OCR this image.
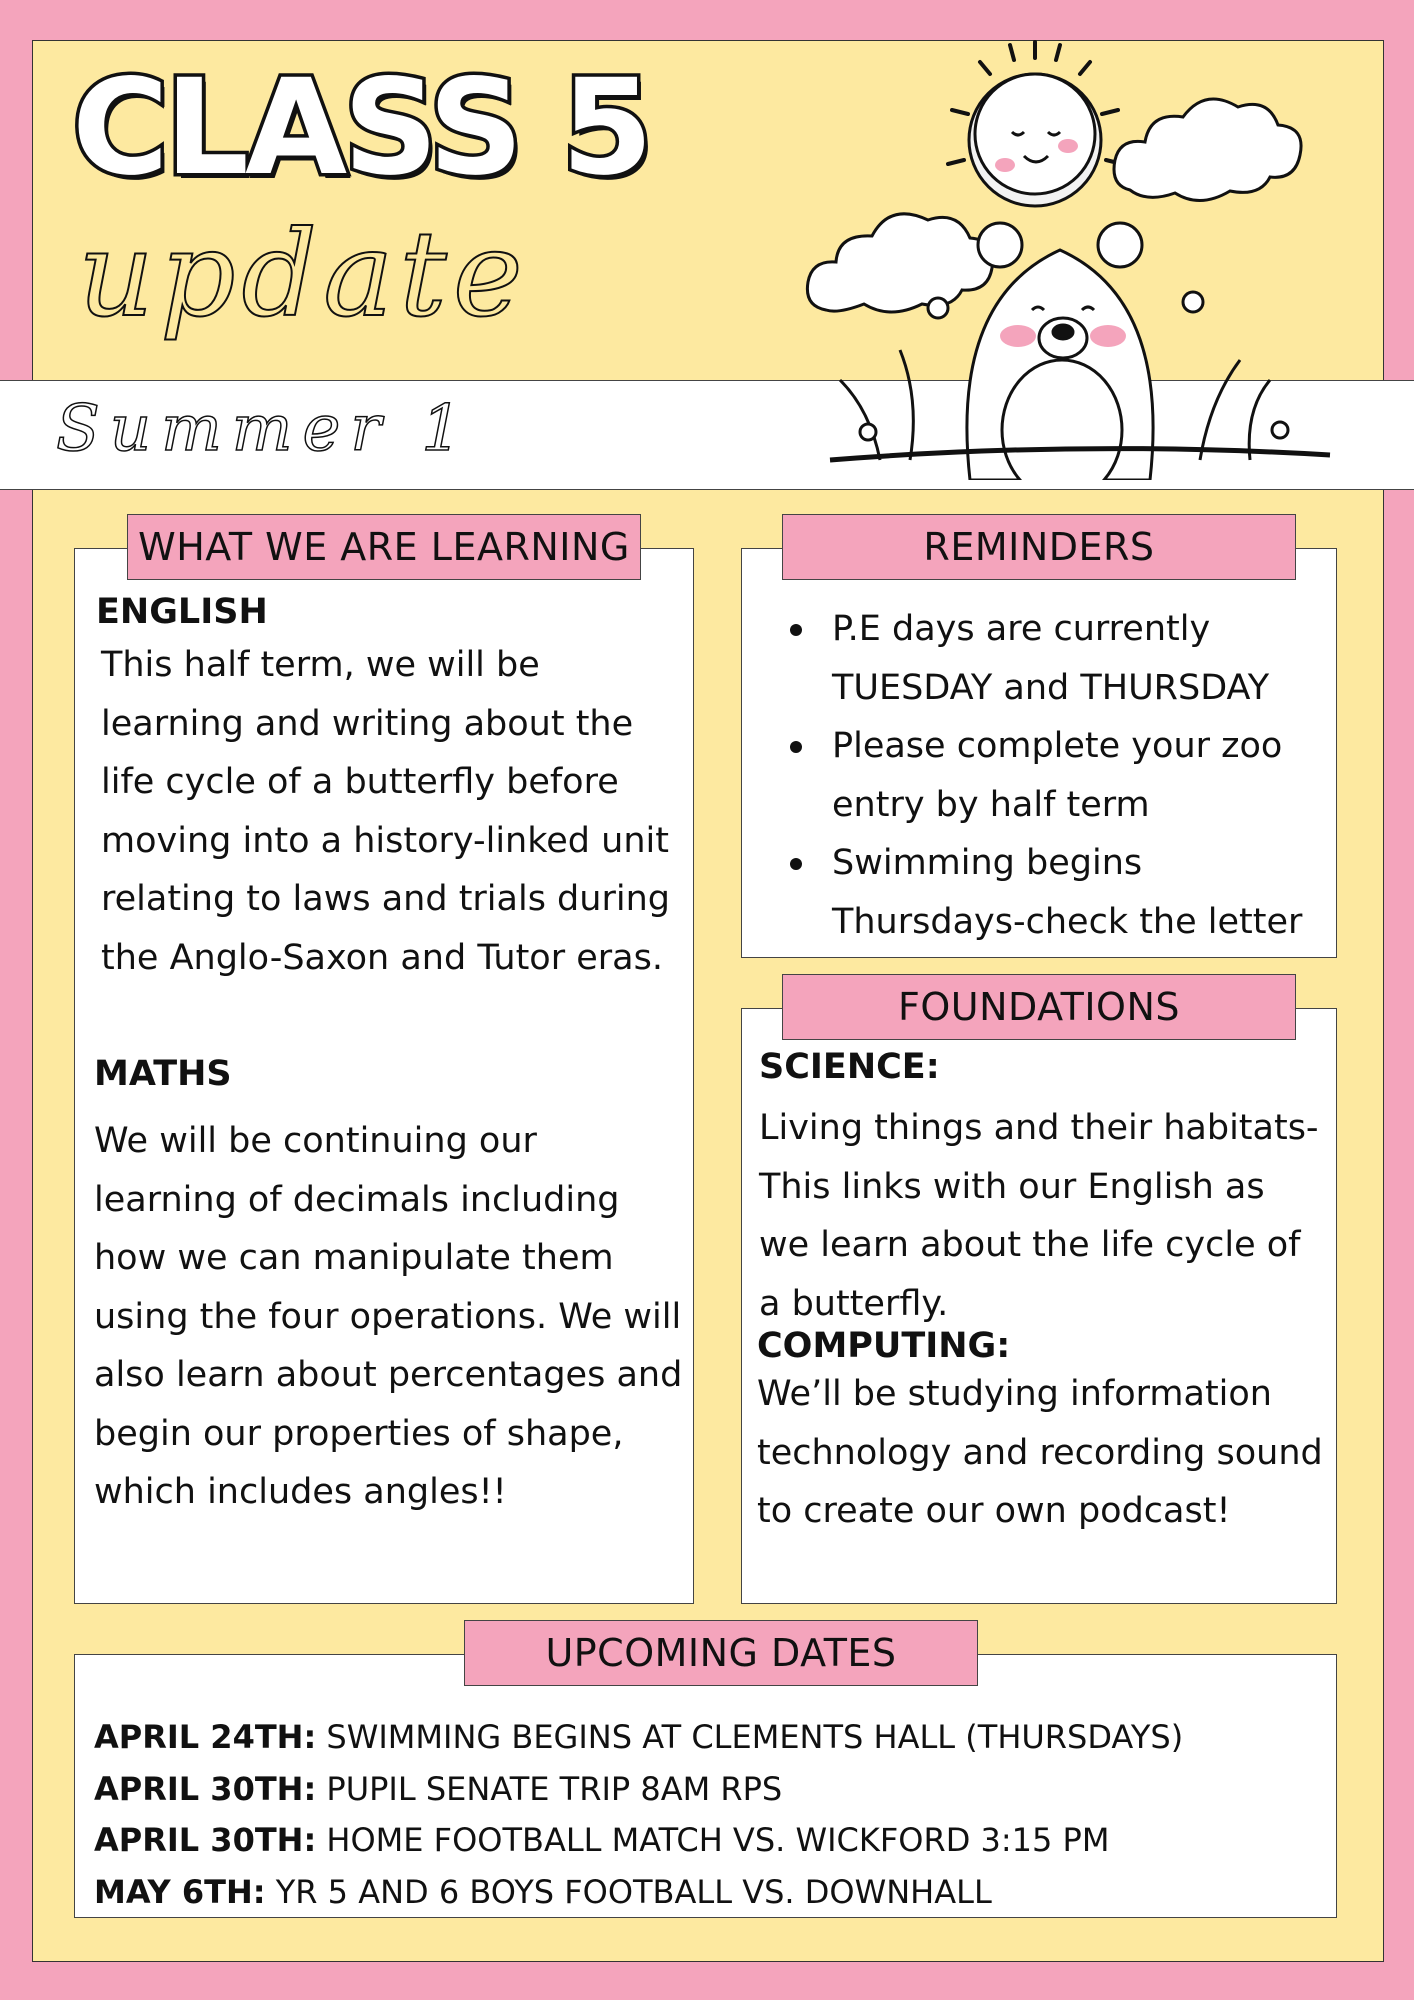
CLASS 5
update
Summer 1
WHAT WE ARE LEARNING
ENGLISH

This half term, we will be learning and writing about the life cycle of a butterfly before moving into a history-linked unit relating to laws and trials during the Anglo-Saxon and Tutor eras.

MATHS

We will be continuing our learning of decimals including how we can manipulate them using the four operations. We will also learn about percentages and begin our properties of shape, which includes angles!!

REMINDERS
P.E days are currently TUESDAY and THURSDAY
Please complete your zoo entry by half term
Swimming begins Thursdays-check the letter
FOUNDATIONS
SCIENCE:

Living things and their habitats- This links with our English as we learn about the life cycle of a butterfly.

COMPUTING:

We’ll be studying information technology and recording sound to create our own podcast!

UPCOMING DATES
APRIL 24TH: SWIMMING BEGINS AT CLEMENTS HALL (THURSDAYS)
APRIL 30TH: PUPIL SENATE TRIP 8AM RPS
APRIL 30TH: HOME FOOTBALL MATCH VS. WICKFORD 3:15 PM
MAY 6TH: YR 5 AND 6 BOYS FOOTBALL VS. DOWNHALL
